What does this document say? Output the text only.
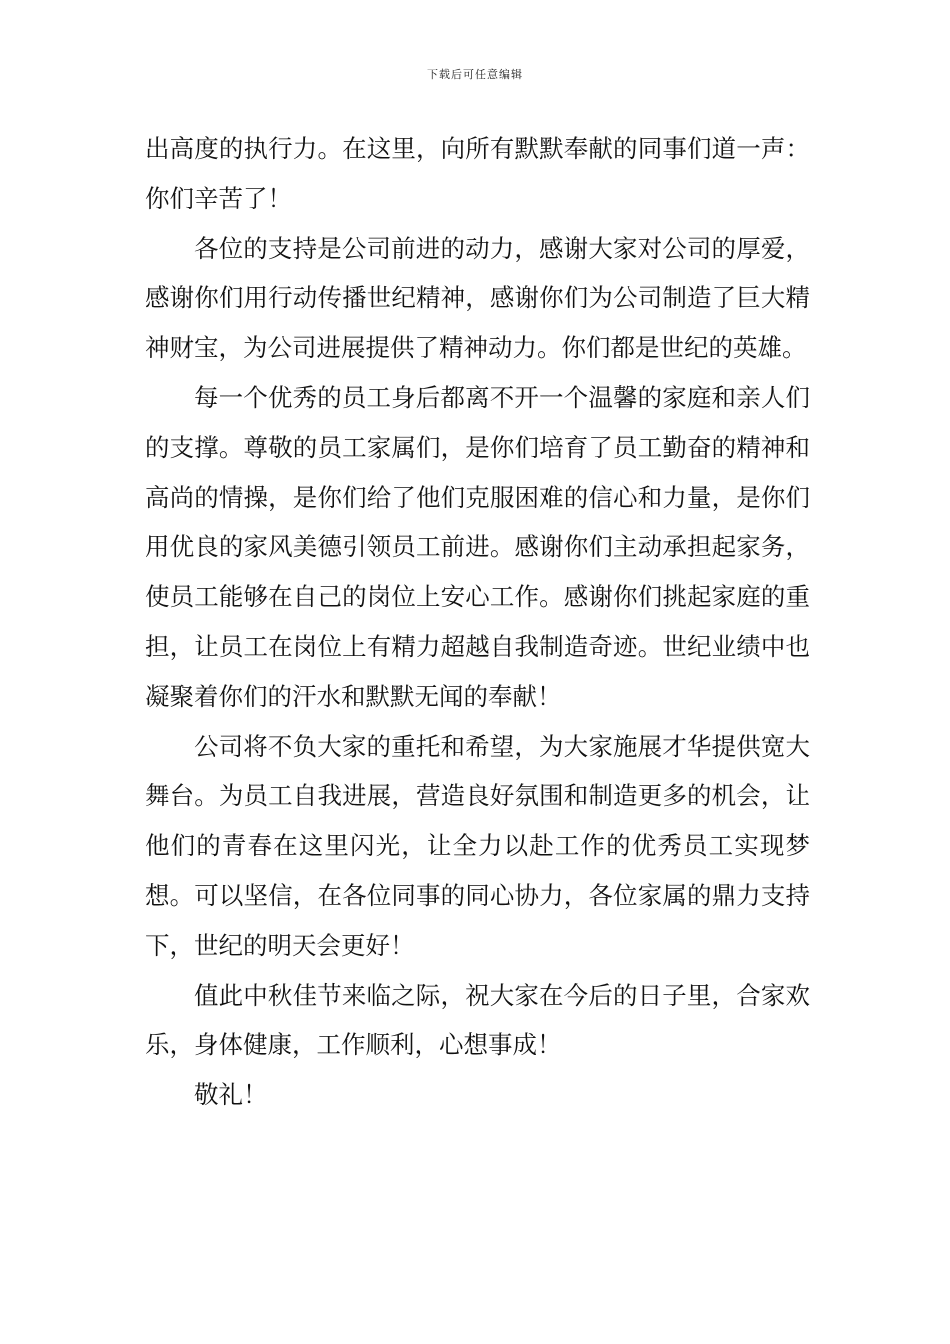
下载后可任意编辑

出高度的执行力。在这里，向所有默默奉献的同事们道一声：你们辛苦了！

各位的支持是公司前进的动力，感谢大家对公司的厚爱，感谢你们用行动传播世纪精神，感谢你们为公司制造了巨大精神财宝，为公司进展提供了精神动力。你们都是世纪的英雄。

每一个优秀的员工身后都离不开一个温馨的家庭和亲人们的支撑。尊敬的员工家属们，是你们培育了员工勤奋的精神和高尚的情操，是你们给了他们克服困难的信心和力量，是你们用优良的家风美德引领员工前进。感谢你们主动承担起家务，使员工能够在自己的岗位上安心工作。感谢你们挑起家庭的重担，让员工在岗位上有精力超越自我制造奇迹。世纪业绩中也凝聚着你们的汗水和默默无闻的奉献！

公司将不负大家的重托和希望，为大家施展才华提供宽大舞台。为员工自我进展，营造良好氛围和制造更多的机会，让他们的青春在这里闪光，让全力以赴工作的优秀员工实现梦想。可以坚信，在各位同事的同心协力，各位家属的鼎力支持下，世纪的明天会更好！

值此中秋佳节来临之际，祝大家在今后的日子里，合家欢乐，身体健康，工作顺利，心想事成！

敬礼！
